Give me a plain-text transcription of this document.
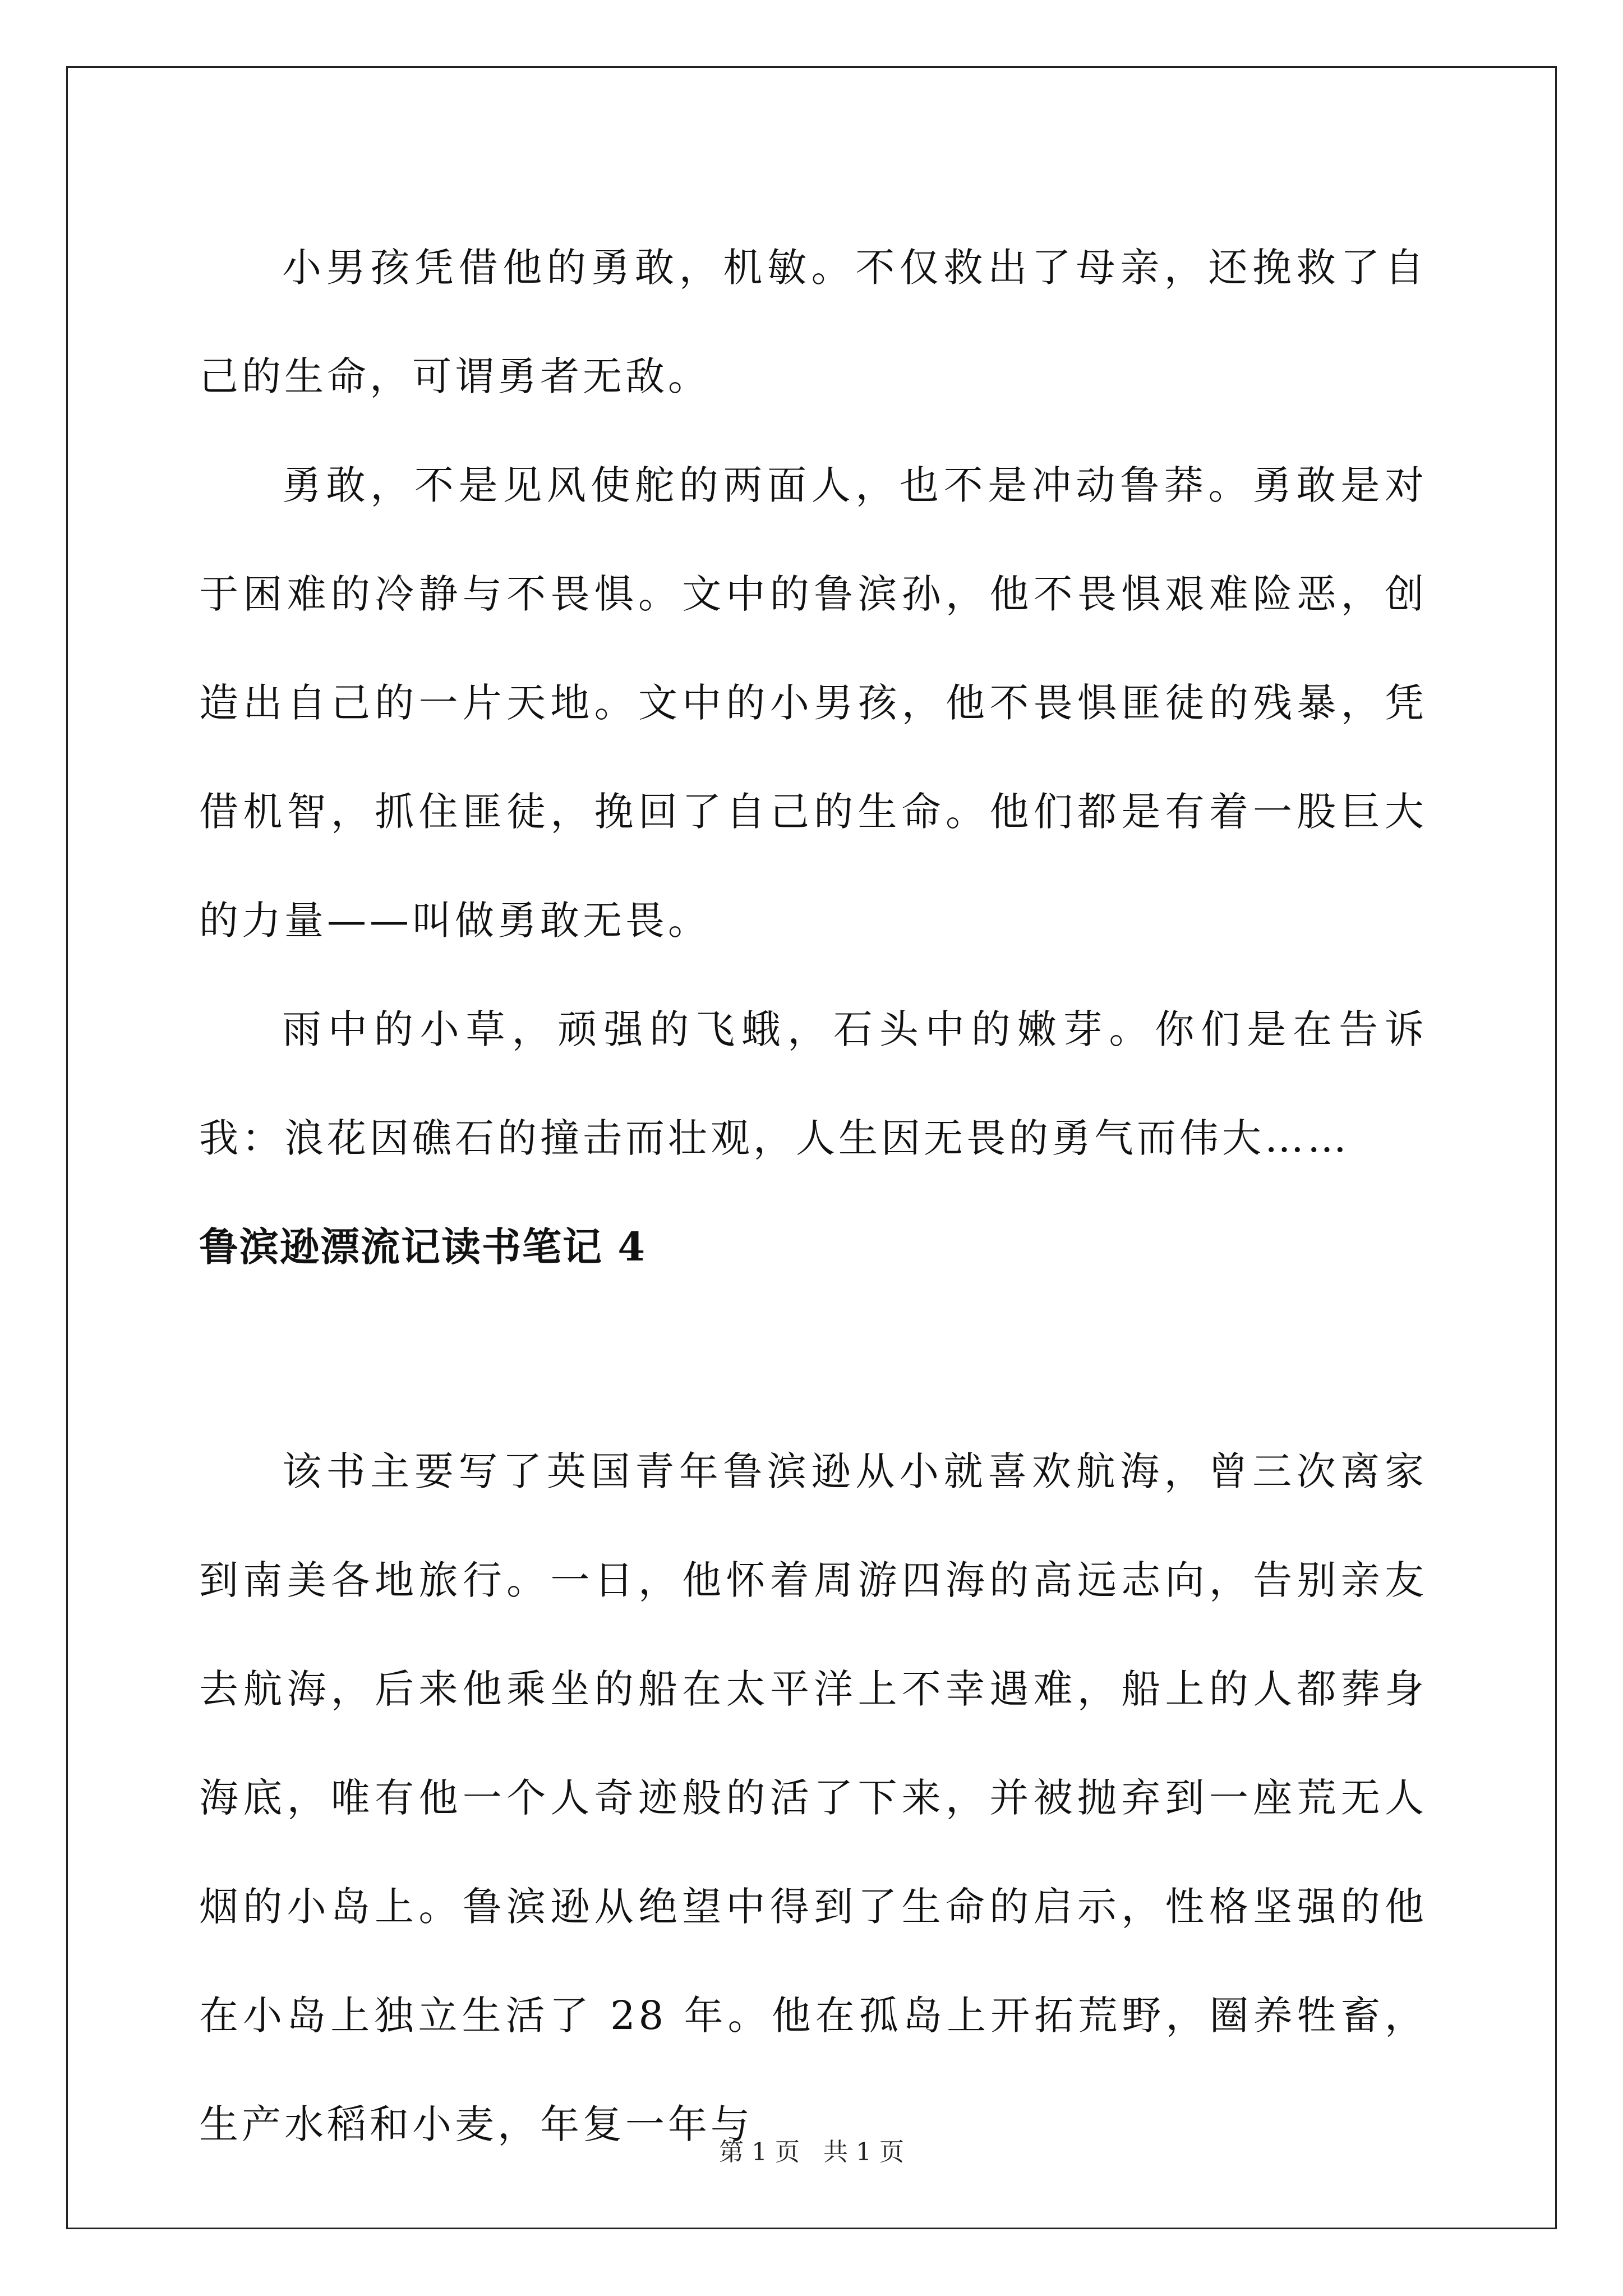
小男孩凭借他的勇敢，机敏。不仅救出了母亲，还挽救了自己的生命，可谓勇者无敌。

勇敢，不是见风使舵的两面人，也不是冲动鲁莽。勇敢是对于困难的冷静与不畏惧。文中的鲁滨孙，他不畏惧艰难险恶，创造出自己的一片天地。文中的小男孩，他不畏惧匪徒的残暴，凭借机智，抓住匪徒，挽回了自己的生命。他们都是有着一股巨大的力量——叫做勇敢无畏。

雨中的小草，顽强的飞蛾，石头中的嫩芽。你们是在告诉我：浪花因礁石的撞击而壮观，人生因无畏的勇气而伟大……

鲁滨逊漂流记读书笔记 4

该书主要写了英国青年鲁滨逊从小就喜欢航海，曾三次离家到南美各地旅行。一日，他怀着周游四海的高远志向，告别亲友去航海，后来他乘坐的船在太平洋上不幸遇难，船上的人都葬身海底，唯有他一个人奇迹般的活了下来，并被抛弃到一座荒无人烟的小岛上。鲁滨逊从绝望中得到了生命的启示，性格坚强的他在小岛上独立生活了 28 年。他在孤岛上开拓荒野，圈养牲畜，生产水稻和小麦，年复一年与

第 1 页 共 1 页
